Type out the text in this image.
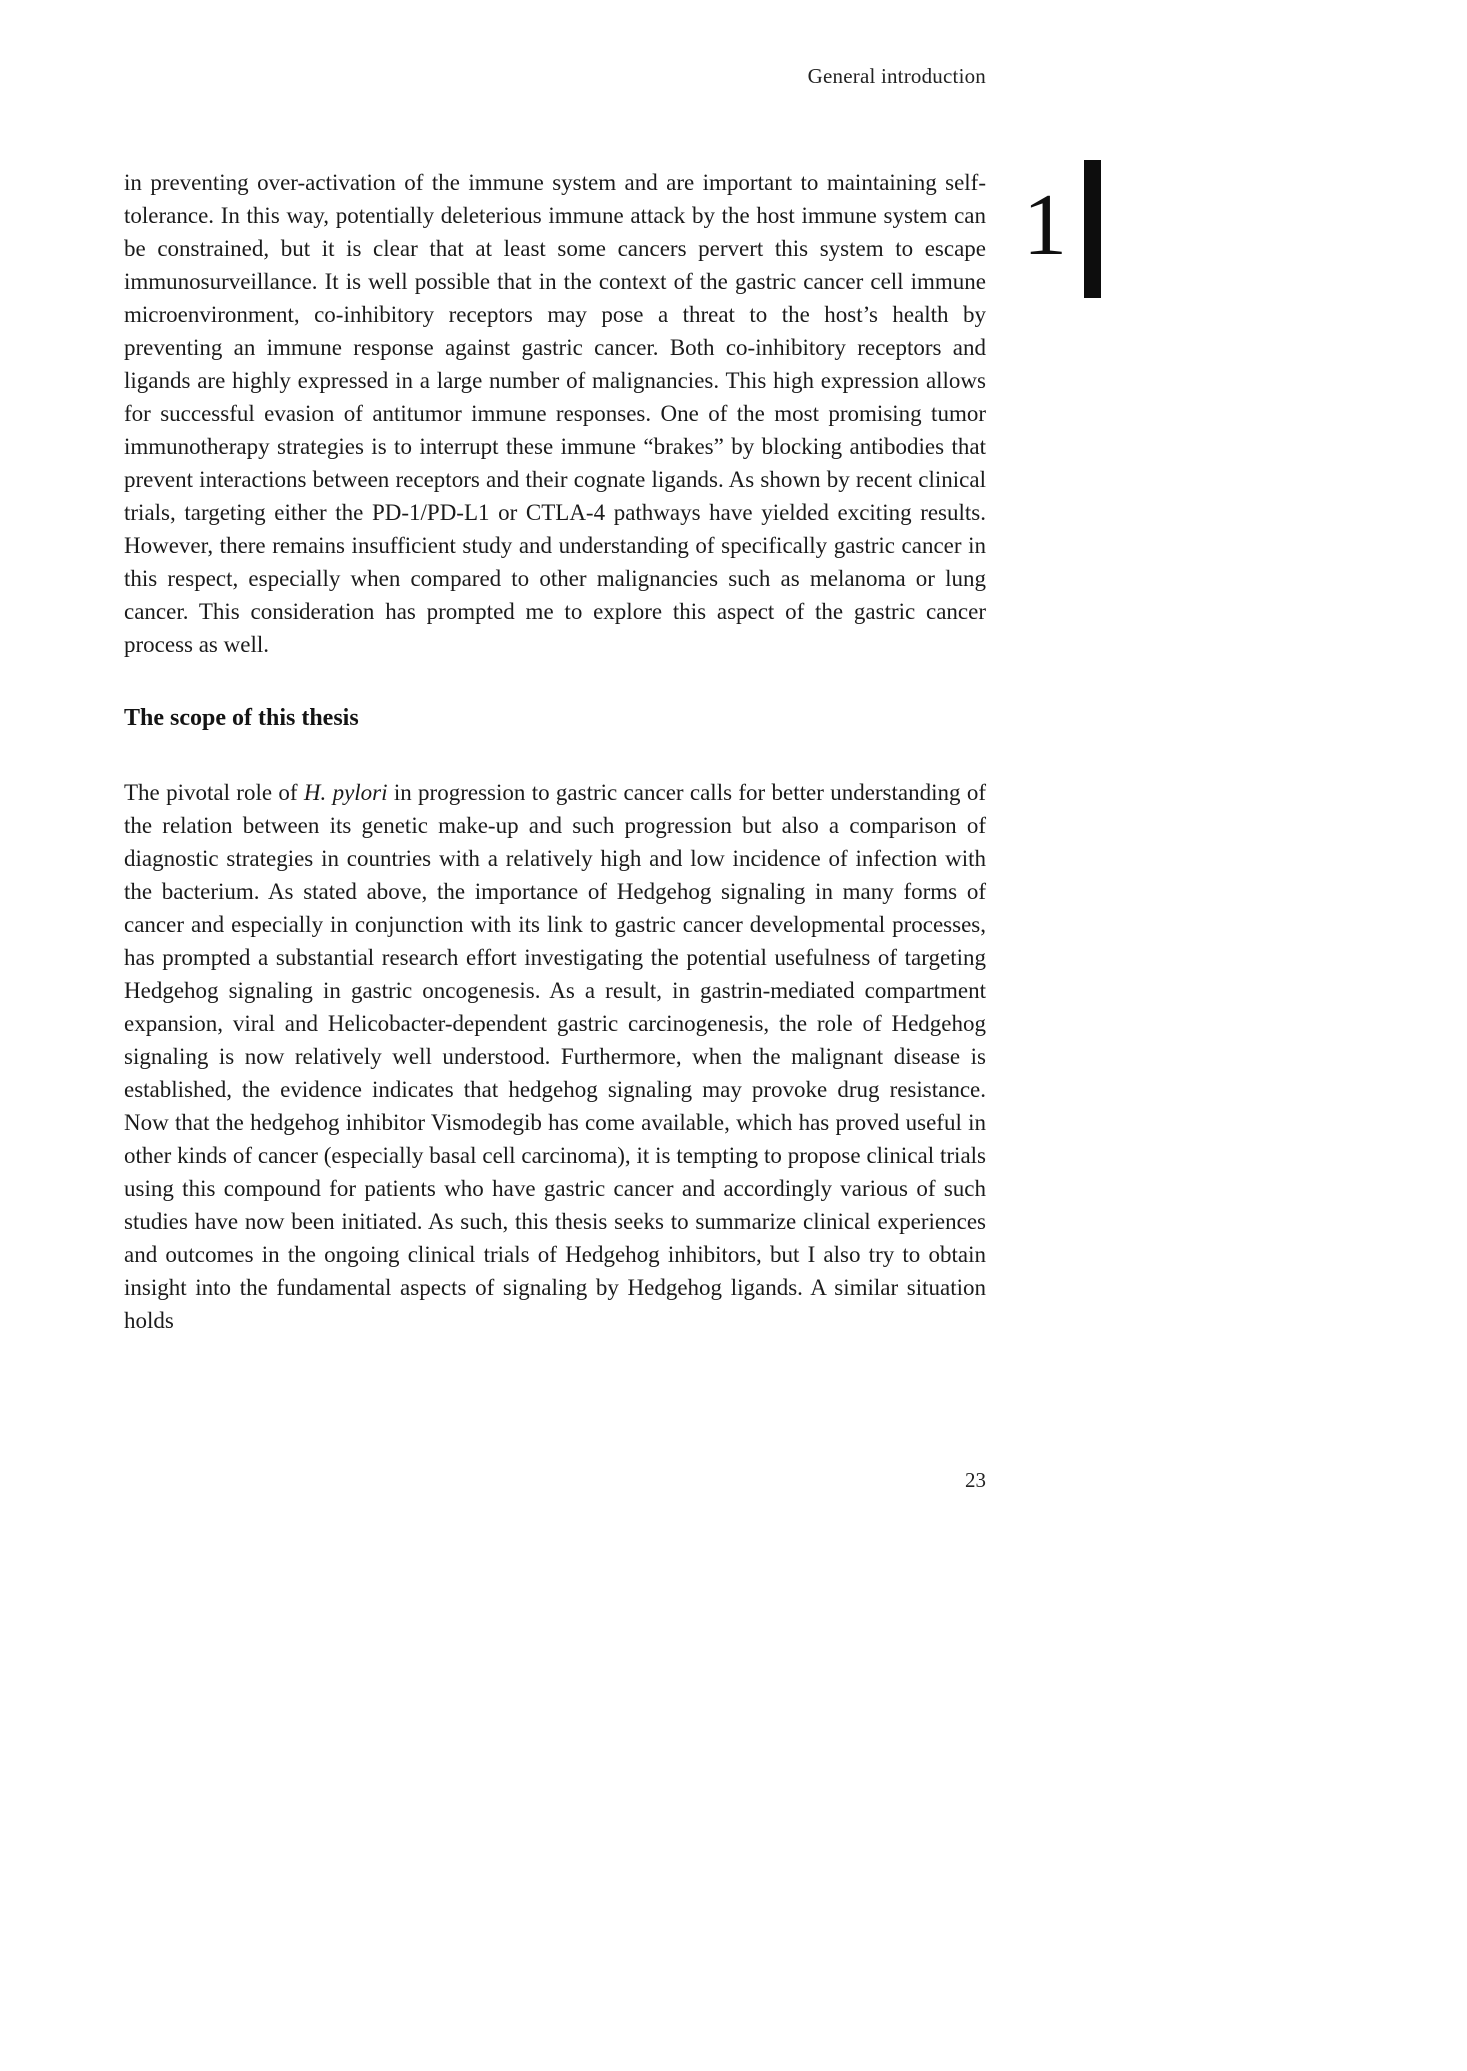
General introduction
1

in preventing over-activation of the immune system and are important to maintaining self-tolerance. In this way, potentially deleterious immune attack by the host immune system can be constrained, but it is clear that at least some cancers pervert this system to escape immunosurveillance. It is well possible that in the context of the gastric cancer cell immune microenvironment, co-inhibitory receptors may pose a threat to the host’s health by preventing an immune response against gastric cancer. Both co-inhibitory receptors and ligands are highly expressed in a large number of malignancies. This high expression allows for successful evasion of antitumor immune responses. One of the most promising tumor immunotherapy strategies is to interrupt these immune “brakes” by blocking antibodies that prevent interactions between receptors and their cognate ligands. As shown by recent clinical trials, targeting either the PD-1/PD-L1 or CTLA-4 pathways have yielded exciting results. However, there remains insufficient study and understanding of specifically gastric cancer in this respect, especially when compared to other malignancies such as melanoma or lung cancer. This consideration has prompted me to explore this aspect of the gastric cancer process as well.

The scope of this thesis

The pivotal role of H. pylori in progression to gastric cancer calls for better understanding of the relation between its genetic make-up and such progression but also a comparison of diagnostic strategies in countries with a relatively high and low incidence of infection with the bacterium. As stated above, the importance of Hedgehog signaling in many forms of cancer and especially in conjunction with its link to gastric cancer developmental processes, has prompted a substantial research effort investigating the potential usefulness of targeting Hedgehog signaling in gastric oncogenesis. As a result, in gastrin-mediated compartment expansion, viral and Helicobacter-dependent gastric carcinogenesis, the role of Hedgehog signaling is now relatively well understood. Furthermore, when the malignant disease is established, the evidence indicates that hedgehog signaling may provoke drug resistance. Now that the hedgehog inhibitor Vismodegib has come available, which has proved useful in other kinds of cancer (especially basal cell carcinoma), it is tempting to propose clinical trials using this compound for patients who have gastric cancer and accordingly various of such studies have now been initiated. As such, this thesis seeks to summarize clinical experiences and outcomes in the ongoing clinical trials of Hedgehog inhibitors, but I also try to obtain insight into the fundamental aspects of signaling by Hedgehog ligands. A similar situation holds

23
